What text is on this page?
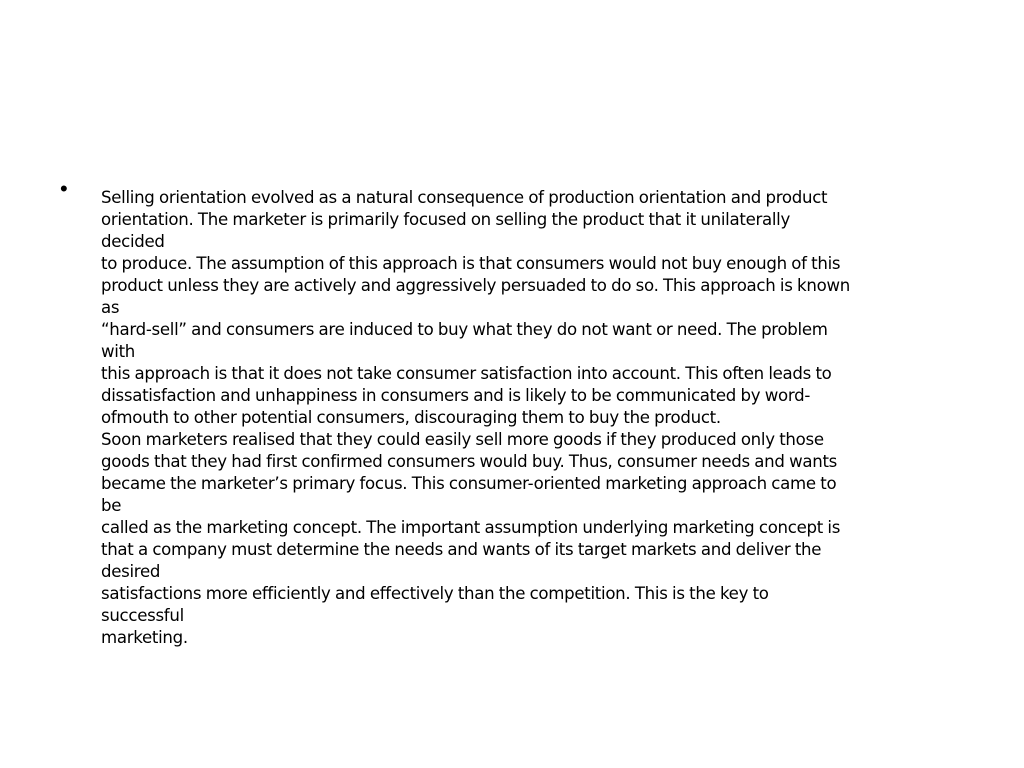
• Selling orientation evolved as a natural consequence of production orientation and product
orientation. The marketer is primarily focused on selling the product that it unilaterally
decided
to produce. The assumption of this approach is that consumers would not buy enough of this
product unless they are actively and aggressively persuaded to do so. This approach is known
as
“hard-sell” and consumers are induced to buy what they do not want or need. The problem
with
this approach is that it does not take consumer satisfaction into account. This often leads to
dissatisfaction and unhappiness in consumers and is likely to be communicated by word-
ofmouth to other potential consumers, discouraging them to buy the product.
Soon marketers realised that they could easily sell more goods if they produced only those
goods that they had first confirmed consumers would buy. Thus, consumer needs and wants
became the marketer’s primary focus. This consumer-oriented marketing approach came to
be
called as the marketing concept. The important assumption underlying marketing concept is
that a company must determine the needs and wants of its target markets and deliver the
desired
satisfactions more efficiently and effectively than the competition. This is the key to
successful
marketing.
